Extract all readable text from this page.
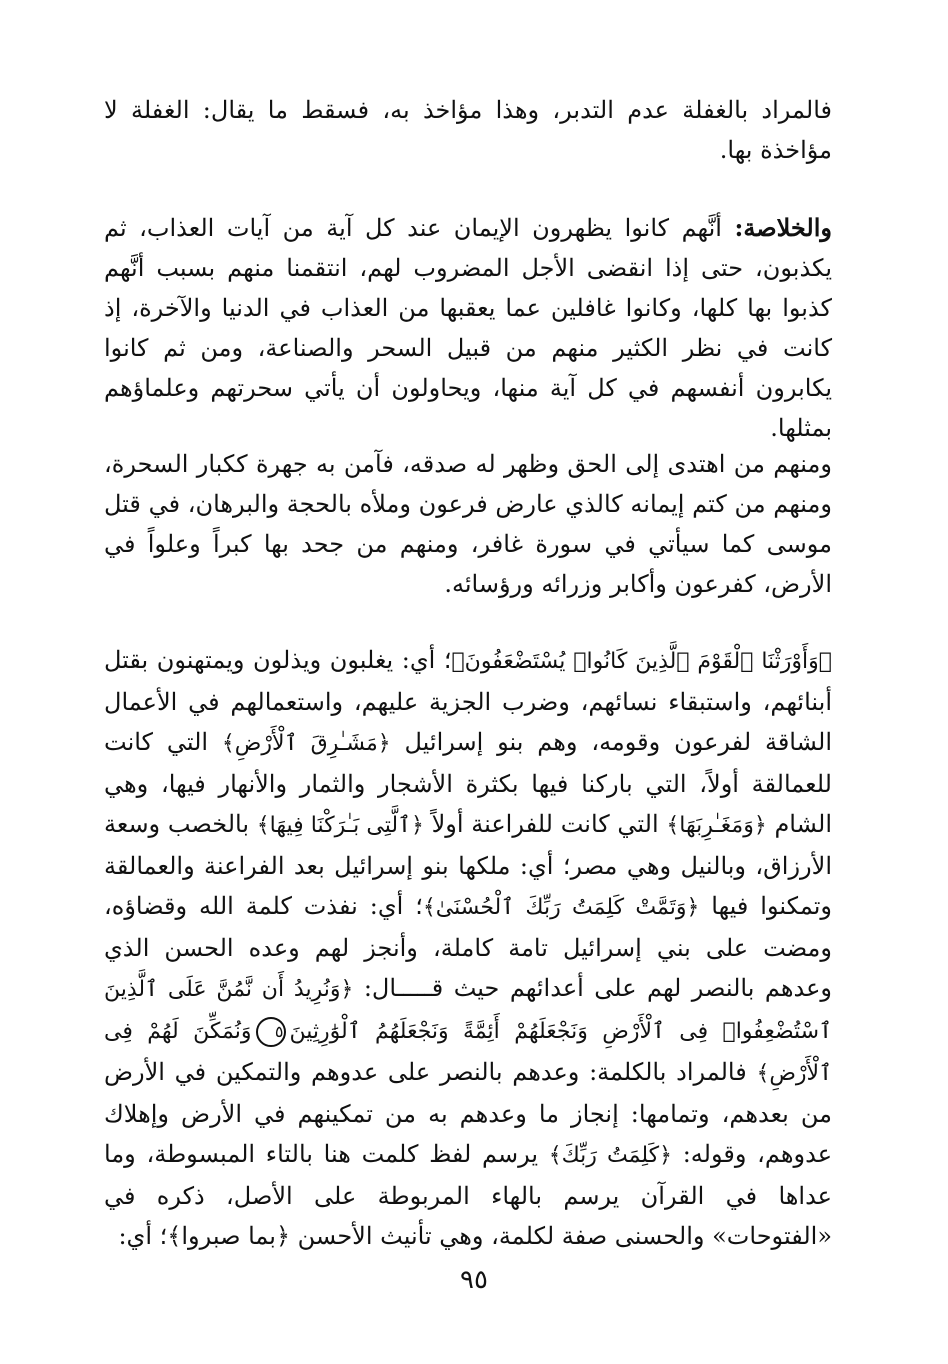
فالمراد بالغفلة عدم التدبر، وهذا مؤاخذ به، فسقط ما يقال: الغفلة لا مؤاخذة بها.

والخلاصة: أنَّهم كانوا يظهرون الإيمان عند كل آية من آيات العذاب، ثم يكذبون، حتى إذا انقضى الأجل المضروب لهم، انتقمنا منهم بسبب أنَّهم كذبوا بها كلها، وكانوا غافلين عما يعقبها من العذاب في الدنيا والآخرة، إذ كانت في نظر الكثير منهم من قبيل السحر والصناعة، ومن ثم كانوا يكابرون أنفسهم في كل آية منها، ويحاولون أن يأتي سحرتهم وعلماؤهم بمثلها.

ومنهم من اهتدى إلى الحق وظهر له صدقه، فآمن به جهرة ككبار السحرة، ومنهم من كتم إيمانه كالذي عارض فرعون وملأه بالحجة والبرهان، في قتل موسى كما سيأتي في سورة غافر، ومنهم من جحد بها كبراً وعلواً في الأرض، كفرعون وأكابر وزرائه ورؤسائه.

﴿وَأَوْرَثْنَا ٱلْقَوْمَ ٱلَّذِينَ كَانُوا۟ يُسْتَضْعَفُونَ﴾؛ أي: يغلبون ويذلون ويمتهنون بقتل أبنائهم، واستبقاء نسائهم، وضرب الجزية عليهم، واستعمالهم في الأعمال الشاقة لفرعون وقومه، وهم بنو إسرائيل ﴿مَشَـٰرِقَ ٱلْأَرْضِ﴾ التي كانت للعمالقة أولاً، التي باركنا فيها بكثرة الأشجار والثمار والأنهار فيها، وهي الشام ﴿وَمَغَـٰرِبَهَا﴾ التي كانت للفراعنة أولاً ﴿ٱلَّتِى بَـٰرَكْنَا فِيهَا﴾ بالخصب وسعة الأرزاق، وبالنيل وهي مصر؛ أي: ملكها بنو إسرائيل بعد الفراعنة والعمالقة وتمكنوا فيها ﴿وَتَمَّتْ كَلِمَتُ رَبِّكَ ٱلْحُسْنَىٰ﴾؛ أي: نفذت كلمة الله وقضاؤه، ومضت على بني إسرائيل تامة كاملة، وأنجز لهم وعده الحسن الذي وعدهم بالنصر لهم على أعدائهم حيث قـــــال: ﴿وَنُرِيدُ أَن نَّمُنَّ عَلَى ٱلَّذِينَ ٱسْتُضْعِفُوا۟ فِى ٱلْأَرْضِ وَنَجْعَلَهُمْ أَئِمَّةً وَنَجْعَلَهُمُ ٱلْوَٰرِثِينَ٥وَنُمَكِّنَ لَهُمْ فِى ٱلْأَرْضِ﴾ فالمراد بالكلمة: وعدهم بالنصر على عدوهم والتمكين في الأرض من بعدهم، وتمامها: إنجاز ما وعدهم به من تمكينهم في الأرض وإهلاك عدوهم، وقوله: ﴿كَلِمَتُ رَبِّكَ﴾ يرسم لفظ كلمت هنا بالتاء المبسوطة، وما عداها في القرآن يرسم بالهاء المربوطة على الأصل، ذكره في «الفتوحات» والحسنى صفة لكلمة، وهي تأنيث الأحسن ﴿بما صبروا﴾؛ أي:

٩٥
